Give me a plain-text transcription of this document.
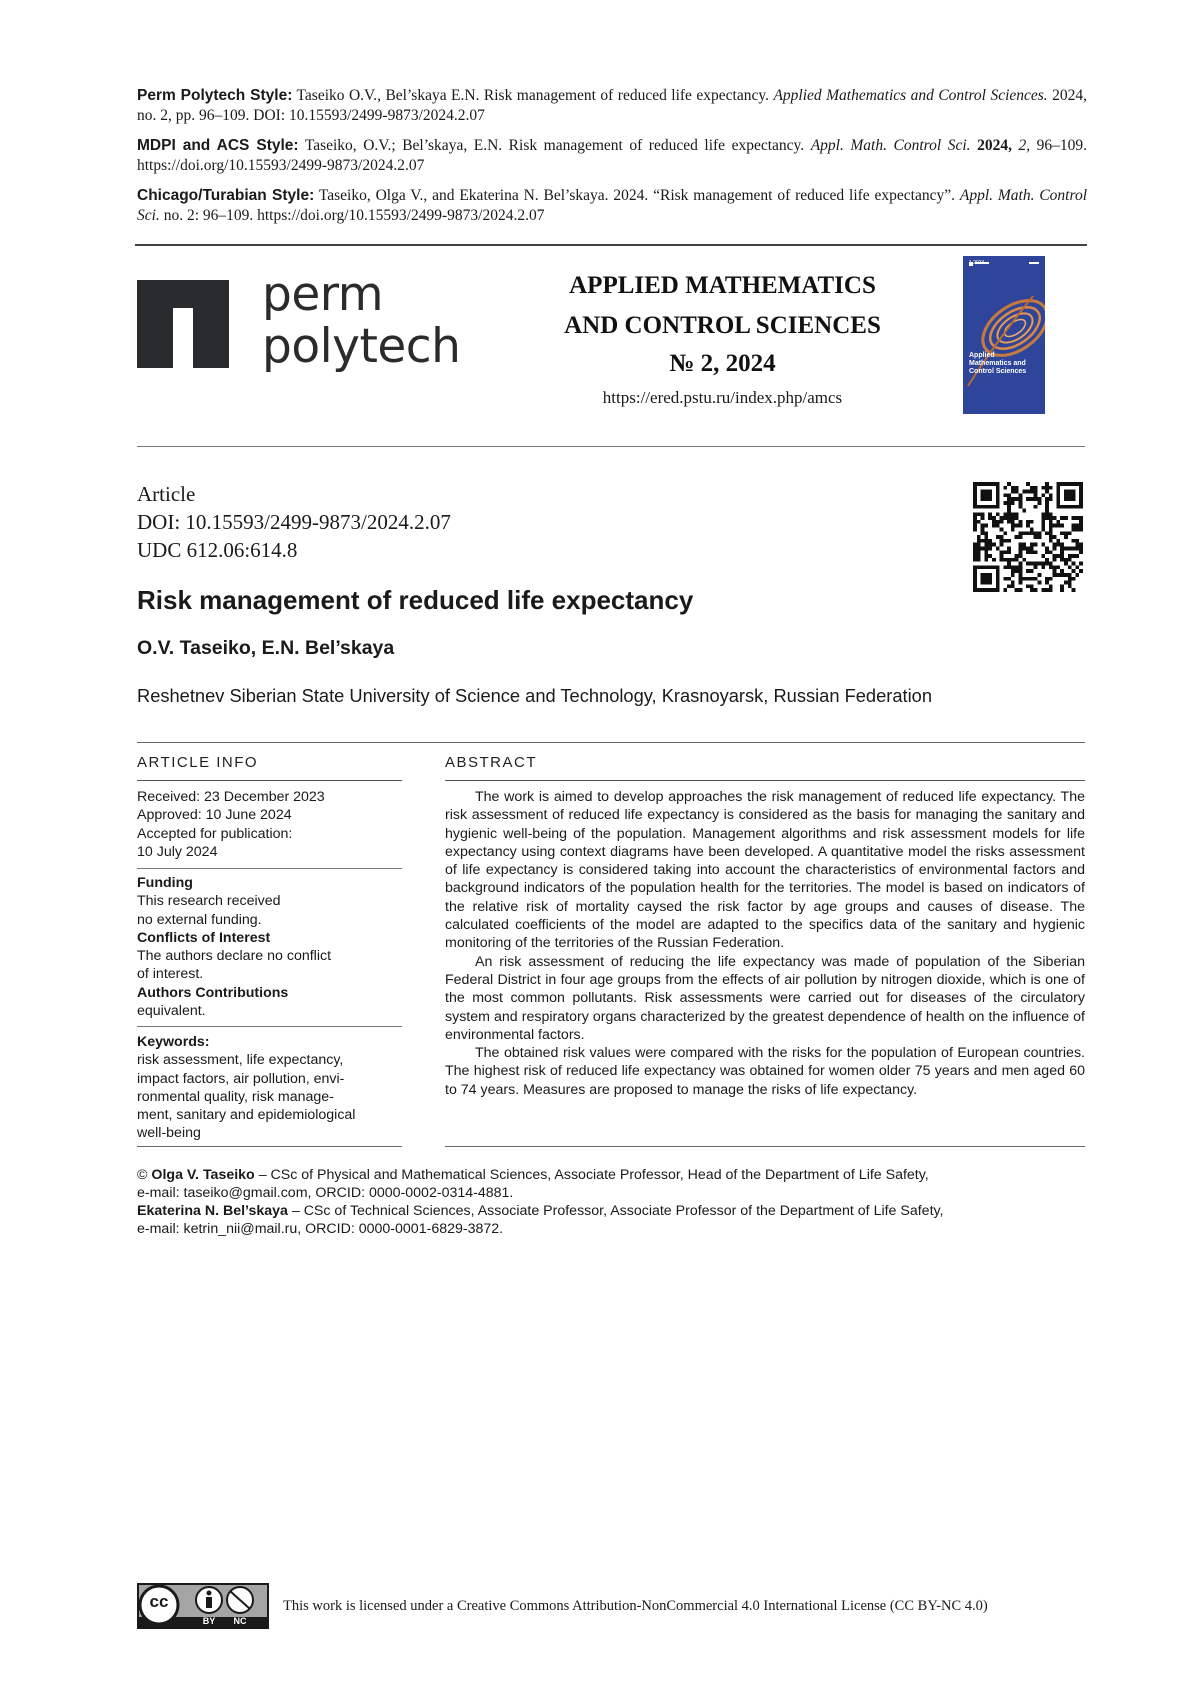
Perm Polytech Style: Taseiko O.V., Bel’skaya E.N. Risk management of reduced life expectancy. Applied Mathematics and Control Sciences. 2024, no. 2, pp. 96–109. DOI: 10.15593/2499-9873/2024.2.07
MDPI and ACS Style: Taseiko, O.V.; Bel’skaya, E.N. Risk management of reduced life expectancy. Appl. Math. Control Sci. 2024, 2, 96–109. https://doi.org/10.15593/2499-9873/2024.2.07
Chicago/Turabian Style: Taseiko, Olga V., and Ekaterina N. Bel’skaya. 2024. “Risk management of reduced life expectancy”. Appl. Math. Control Sci. no. 2: 96–109. https://doi.org/10.15593/2499-9873/2024.2.07
perm
polytech
APPLIED MATHEMATICS
AND CONTROL SCIENCES
№ 2, 2024
https://ered.pstu.ru/index.php/amcs
1 2024
Applied Mathematics and Control Sciences
Article
DOI: 10.15593/2499-9873/2024.2.07
UDC 612.06:614.8
Risk management of reduced life expectancy
O.V. Taseiko, E.N. Bel’skaya
Reshetnev Siberian State University of Science and Technology, Krasnoyarsk, Russian Federation
ARTICLE INFO
Received: 23 December 2023
Approved: 10 June 2024
Accepted for publication:
10 July 2024
Funding
This research received
no external funding.
Conflicts of Interest
The authors declare no conflict
of interest.
Authors Contributions
equivalent.
Keywords:
risk assessment, life expectancy,
impact factors, air pollution, envi-
ronmental quality, risk manage-
ment, sanitary and epidemiological
well-being
ABSTRACT

The work is aimed to develop approaches the risk management of reduced life expectancy. The risk assessment of reduced life expectancy is considered as the basis for managing the sanitary and hygienic well-being of the population. Management algorithms and risk assessment models for life expectancy using context diagrams have been developed. A quantitative model the risks assessment of life expectancy is considered taking into account the characteristics of environmental factors and background indicators of the population health for the territories. The model is based on indicators of the relative risk of mortality caysed the risk factor by age groups and causes of disease. The calculated coefficients of the model are adapted to the specifics data of the sanitary and hygienic monitoring of the territories of the Russian Federation.

An risk assessment of reducing the life expectancy was made of population of the Siberian Federal District in four age groups from the effects of air pollution by nitrogen dioxide, which is one of the most common pollutants. Risk assessments were carried out for diseases of the circulatory system and respiratory organs characterized by the greatest dependence of health on the influence of environmental factors.

The obtained risk values were compared with the risks for the population of European countries. The highest risk of reduced life expectancy was obtained for women older 75 years and men aged 60 to 74 years. Measures are proposed to manage the risks of life expectancy.

© Olga V. Taseiko – CSc of Physical and Mathematical Sciences, Associate Professor, Head of the Department of Life Safety,
e-mail: taseiko@gmail.com, ORCID: 0000-0002-0314-4881.
Ekaterina N. Bel’skaya – CSc of Technical Sciences, Associate Professor, Associate Professor of the Department of Life Safety,
e-mail: ketrin_nii@mail.ru, ORCID: 0000-0001-6829-3872.
cc
BY	NC
This work is licensed under a Creative Commons Attribution-NonCommercial 4.0 International License (CC BY-NC 4.0)
